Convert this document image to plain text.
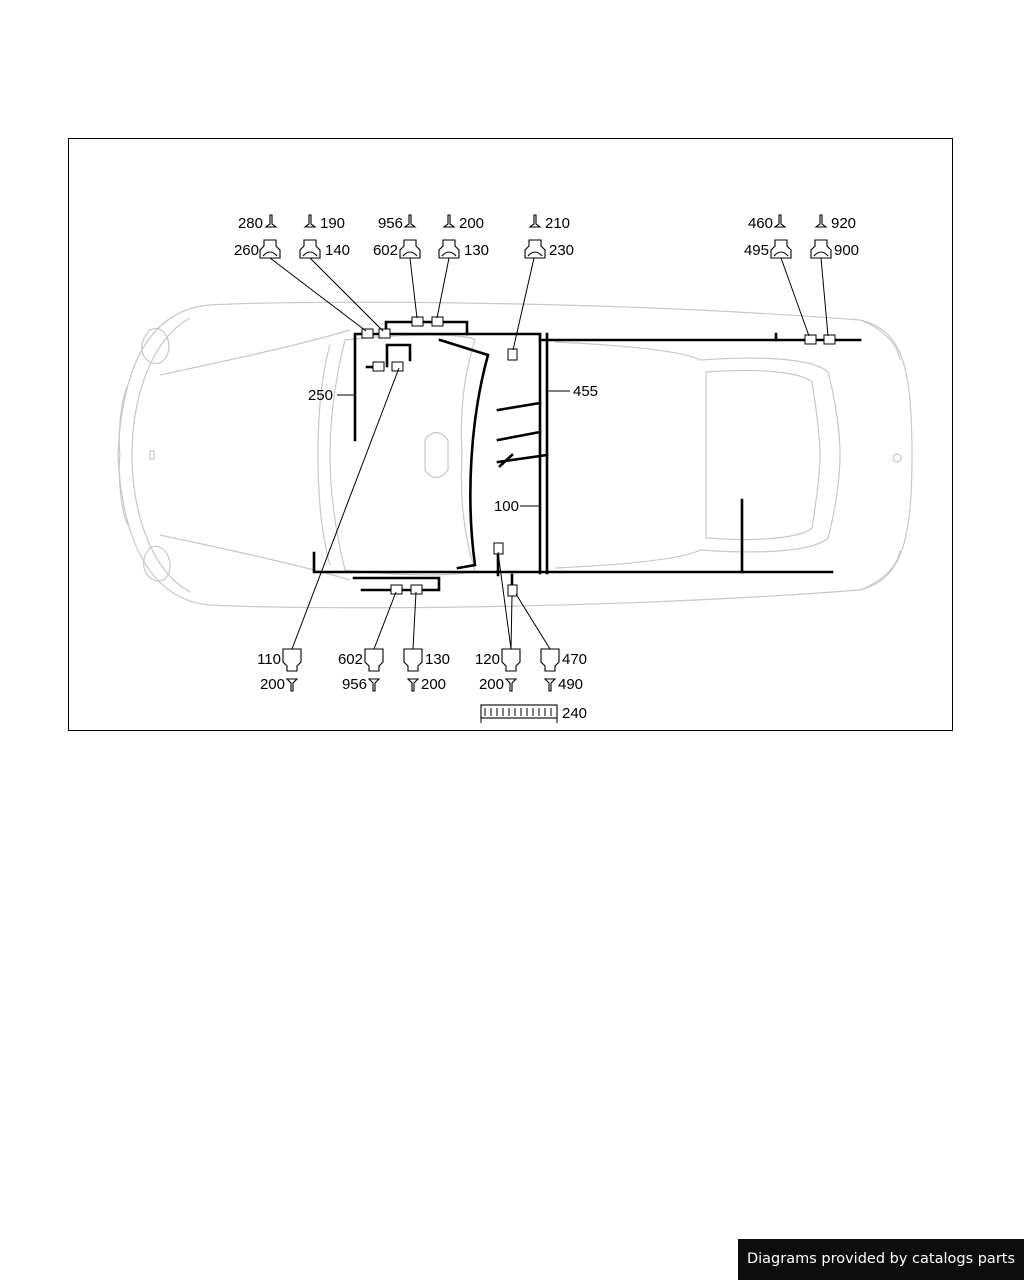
280	190 956	200	210	460	920
260	140 602	130	230	495	900
250	455
100
110	602	130 120	470
200	956	200 200	490
240
Diagrams provided by catalogs parts
